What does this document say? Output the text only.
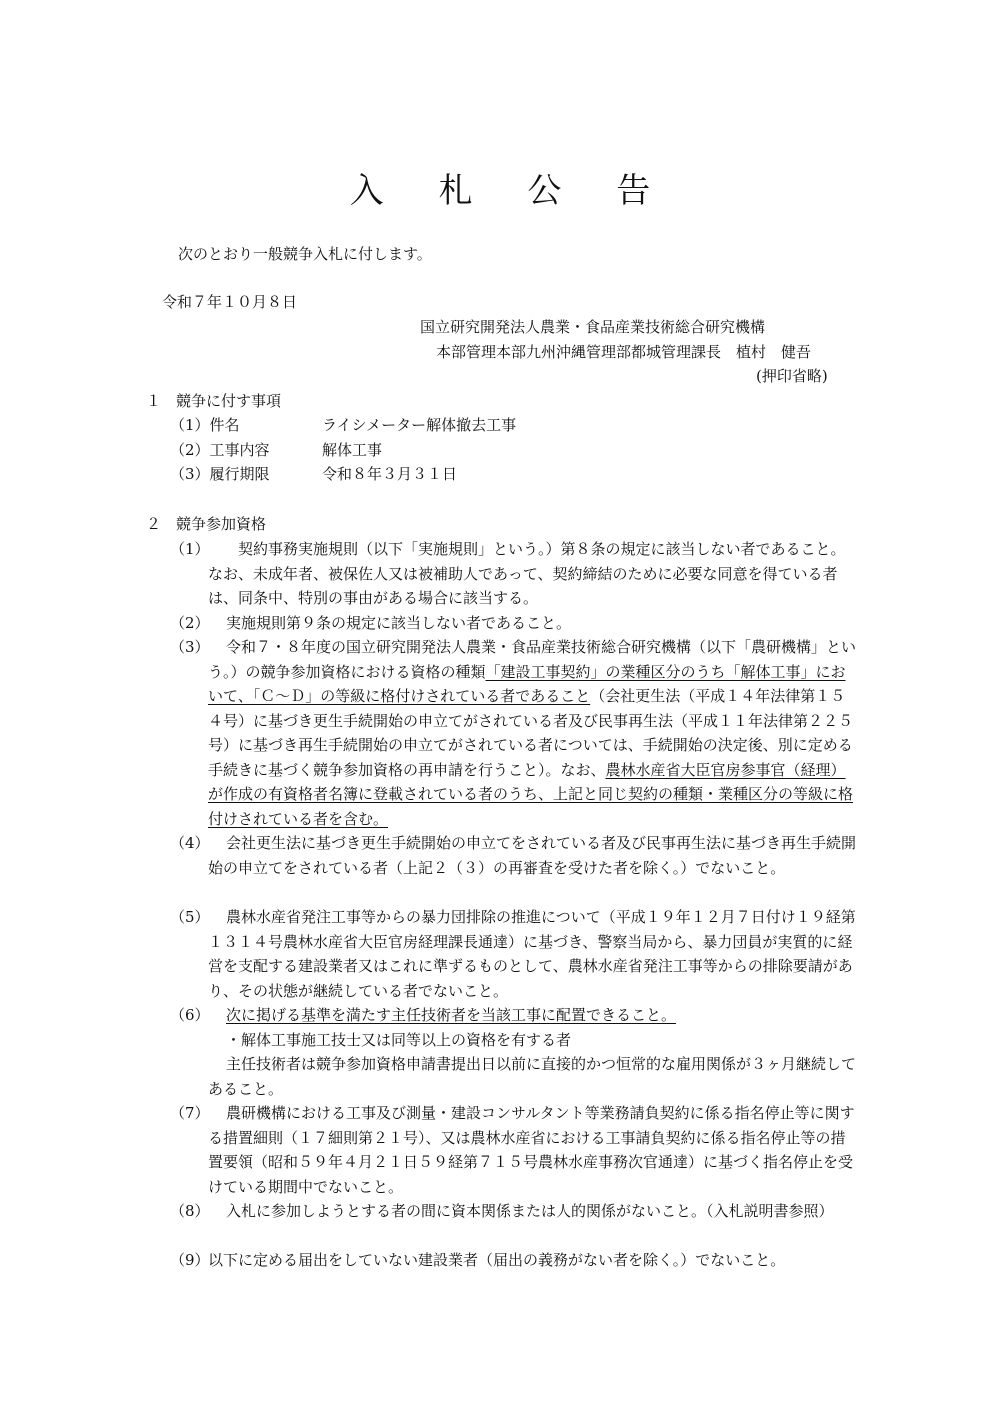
入 札 公 告
次のとおり一般競争入札に付します。
令和７年１０月８日
国立研究開発法人農業・食品産業技術総合研究機構
本部管理本部九州沖縄管理部都城管理課長　植村　健吾
(押印省略)
１　競争に付す事項
（1）件名	ライシメーター解体撤去工事
（2）工事内容	解体工事
（3）履行期限	令和８年３月３１日
２　競争参加資格
（1）	契約事務実施規則（以下「実施規則」という。）第８条の規定に該当しない者であること。なお、未成年者、被保佐人又は被補助人であって、契約締結のために必要な同意を得ている者は、同条中、特別の事由がある場合に該当する。
（2）	実施規則第９条の規定に該当しない者であること。
（3）	令和７・８年度の国立研究開発法人農業・食品産業技術総合研究機構（以下「農研機構」という。）の競争参加資格における資格の種類「建設工事契約」の業種区分のうち「解体工事」において、「Ｃ～Ｄ」の等級に格付けされている者であること（会社更生法（平成１４年法律第１５４号）に基づき更生手続開始の申立てがされている者及び民事再生法（平成１１年法律第２２５号）に基づき再生手続開始の申立てがされている者については、手続開始の決定後、別に定める手続きに基づく競争参加資格の再申請を行うこと）。なお、農林水産省大臣官房参事官（経理）が作成の有資格者名簿に登載されている者のうち、上記と同じ契約の種類・業種区分の等級に格付けされている者を含む。
（4）	会社更生法に基づき更生手続開始の申立てをされている者及び民事再生法に基づき再生手続開始の申立てをされている者（上記２（３）の再審査を受けた者を除く。）でないこと。
（5）	農林水産省発注工事等からの暴力団排除の推進について（平成１９年１２月７日付け１９経第１３１４号農林水産省大臣官房経理課長通達）に基づき、警察当局から、暴力団員が実質的に経営を支配する建設業者又はこれに準ずるものとして、農林水産省発注工事等からの排除要請があり、その状態が継続している者でないこと。
（6）	次に掲げる基準を満たす主任技術者を当該工事に配置できること。
・解体工事施工技士又は同等以上の資格を有する者
主任技術者は競争参加資格申請書提出日以前に直接的かつ恒常的な雇用関係が３ヶ月継続してあること。
（7）	農研機構における工事及び測量・建設コンサルタント等業務請負契約に係る指名停止等に関する措置細則（１７細則第２１号）、又は農林水産省における工事請負契約に係る指名停止等の措置要領（昭和５９年４月２１日５９経第７１５号農林水産事務次官通達）に基づく指名停止を受けている期間中でないこと。
（8）	入札に参加しようとする者の間に資本関係または人的関係がないこと。（入札説明書参照）
（9）
以下に定める届出をしていない建設業者（届出の義務がない者を除く。）でないこと。
